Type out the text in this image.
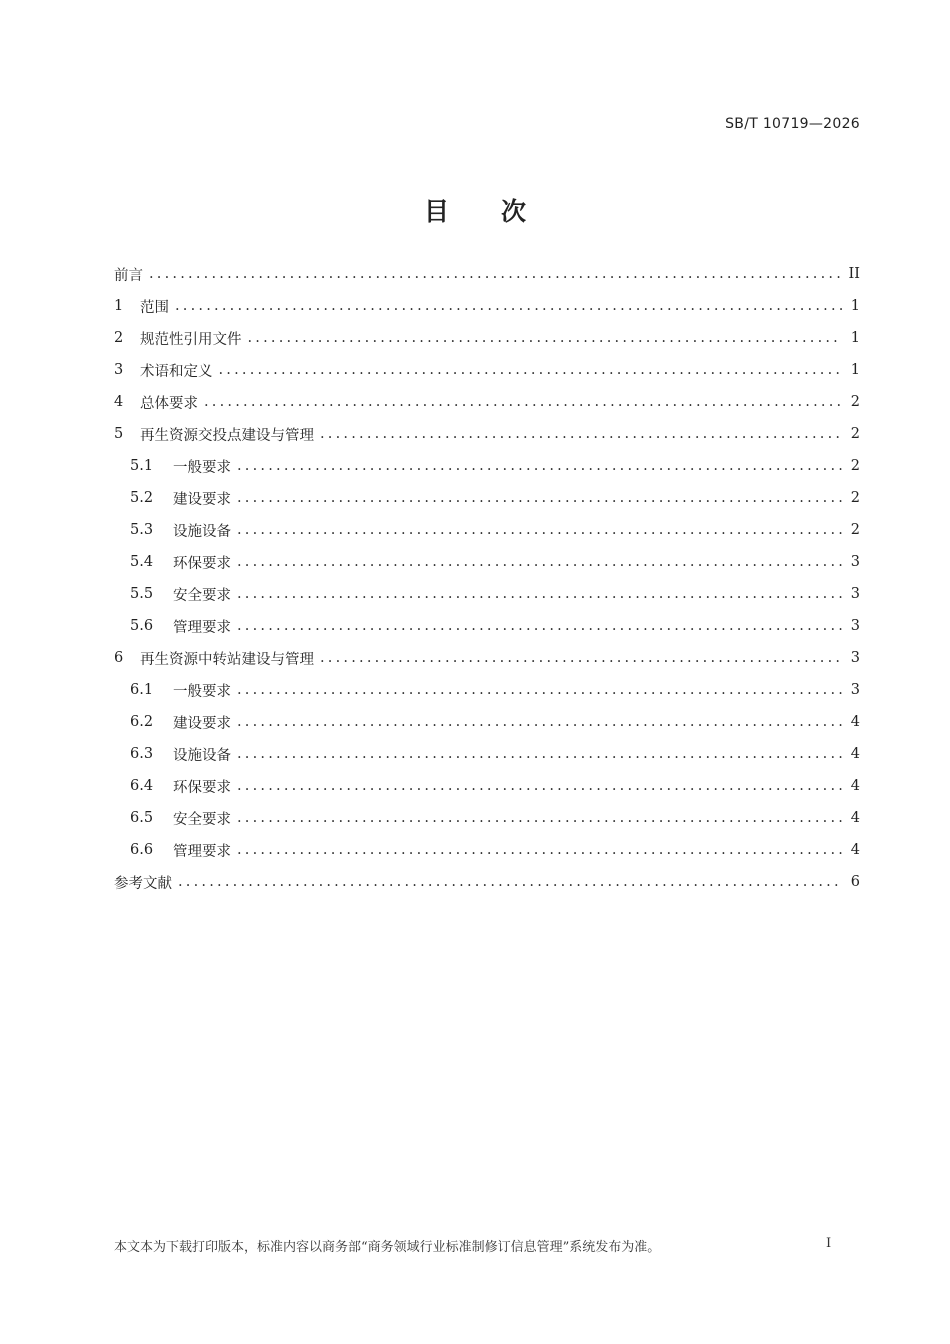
SB/T 10719—2026
目 次
前言 .....	II
1	范围 .....	1
2	规范性引用文件 .....	1
3	术语和定义 .....	1
4	总体要求 .....	2
5	再生资源交投点建设与管理 .....	2
5.1	一般要求 .....	2
5.2	建设要求 .....	2
5.3	设施设备 .....	2
5.4	环保要求 .....	3
5.5	安全要求 .....	3
5.6	管理要求 .....	3
6	再生资源中转站建设与管理 .....	3
6.1	一般要求 .....	3
6.2	建设要求 .....	4
6.3	设施设备 .....	4
6.4	环保要求 .....	4
6.5	安全要求 .....	4
6.6	管理要求 .....	4
参考文献 .....	6
本文本为下载打印版本，标准内容以商务部“商务领域行业标准制修订信息管理”系统发布为准。	I
